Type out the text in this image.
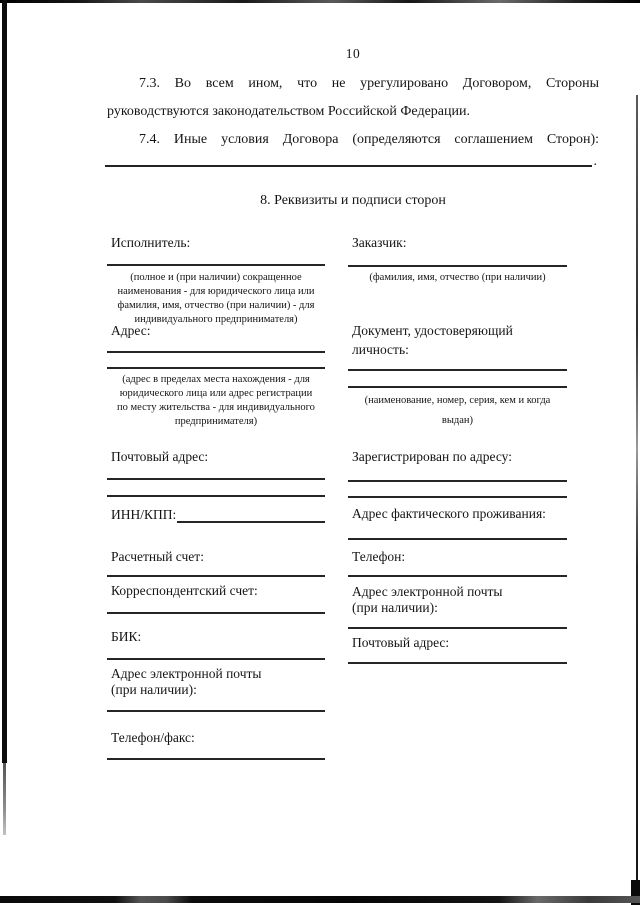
10

7.3. Во всем ином, что не урегулировано Договором, Стороны руководствуются законодательством Российской Федерации.

7.4. Иные условия Договора (определяются соглашением Сторон):

.
8. Реквизиты и подписи сторон
Исполнитель:
(полное и (при наличии) сокращенное
наименования - для юридического лица или
фамилия, имя, отчество (при наличии) - для
индивидуального предпринимателя)
Адрес:
(адрес в пределах места нахождения - для
юридического лица или адрес регистрации
по месту жительства - для индивидуального
предпринимателя)
Почтовый адрес:
ИНН/КПП:
Расчетный счет:
Корреспондентский счет:
БИК:
Адрес электронной почты
(при наличии):
Телефон/факс:
Заказчик:
(фамилия, имя, отчество (при наличии)
Документ, удостоверяющий
личность:
(наименование, номер, серия, кем и когда
выдан)
Зарегистрирован по адресу:
Адрес фактического проживания:
Телефон:
Адрес электронной почты
(при наличии):
Почтовый адрес:
